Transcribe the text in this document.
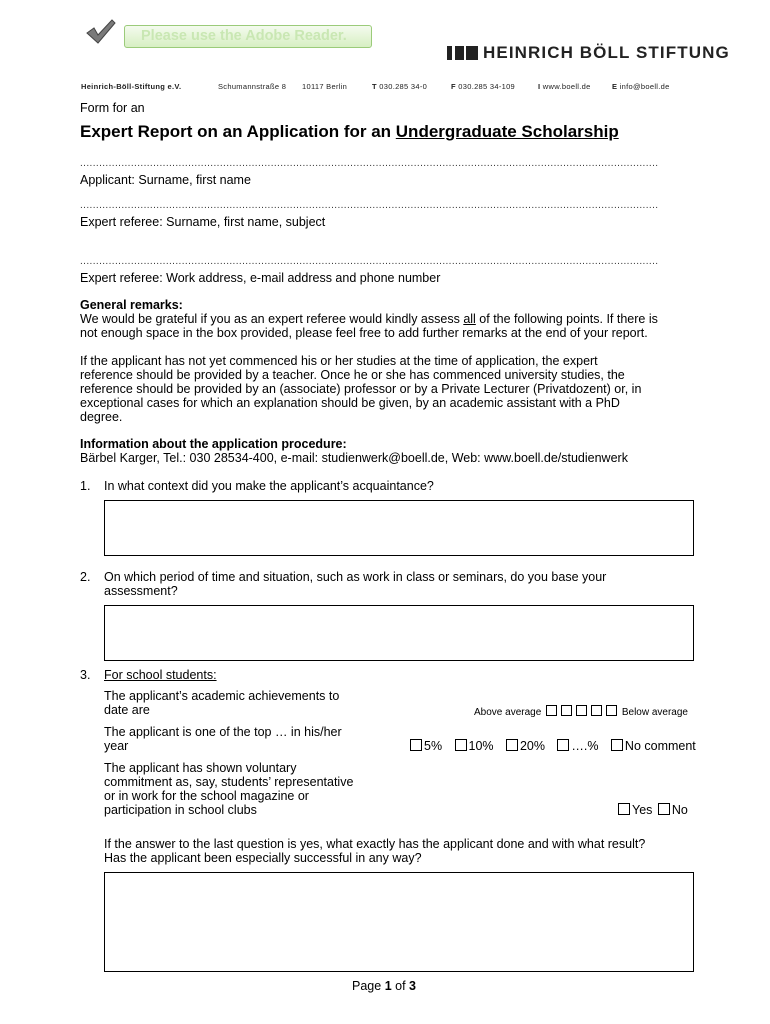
Please use the Adobe Reader.
HEINRICH BÖLL STIFTUNG
Heinrich-Böll-Stiftung e.V.	Schumannstraße 8 10117 Berlin	T 030.285 34-0	F 030.285 34-109	I www.boell.de	E info@boell.de
Form for an
Expert Report on an Application for an Undergraduate Scholarship
......................................................................................................................................................................................
Applicant: Surname, first name
......................................................................................................................................................................................
Expert referee: Surname, first name, subject
......................................................................................................................................................................................
Expert referee: Work address, e-mail address and phone number
General remarks:
We would be grateful if you as an expert referee would kindly assess all of the following points. If there is
not enough space in the box provided, please feel free to add further remarks at the end of your report.
If the applicant has not yet commenced his or her studies at the time of application, the expert
reference should be provided by a teacher. Once he or she has commenced university studies, the
reference should be provided by an (associate) professor or by a Private Lecturer (Privatdozent) or, in
exceptional cases for which an explanation should be given, by an academic assistant with a PhD
degree.
Information about the application procedure:
Bärbel Karger, Tel.: 030 28534-400, e-mail: studienwerk@boell.de, Web: www.boell.de/studienwerk
1.	In what context did you make the applicant’s acquaintance?
2.	On which period of time and situation, such as work in class or seminars, do you base your
assessment?
3.	For school students:
The applicant’s academic achievements to
date are	Above average	Below average
The applicant is one of the top … in his/her
year	5% 10% 20% ….% No comment
The applicant has shown voluntary
commitment as, say, students’ representative
or in work for the school magazine or
participation in school clubs	Yes No
If the answer to the last question is yes, what exactly has the applicant done and with what result?
Has the applicant been especially successful in any way?
Page 1 of 3
